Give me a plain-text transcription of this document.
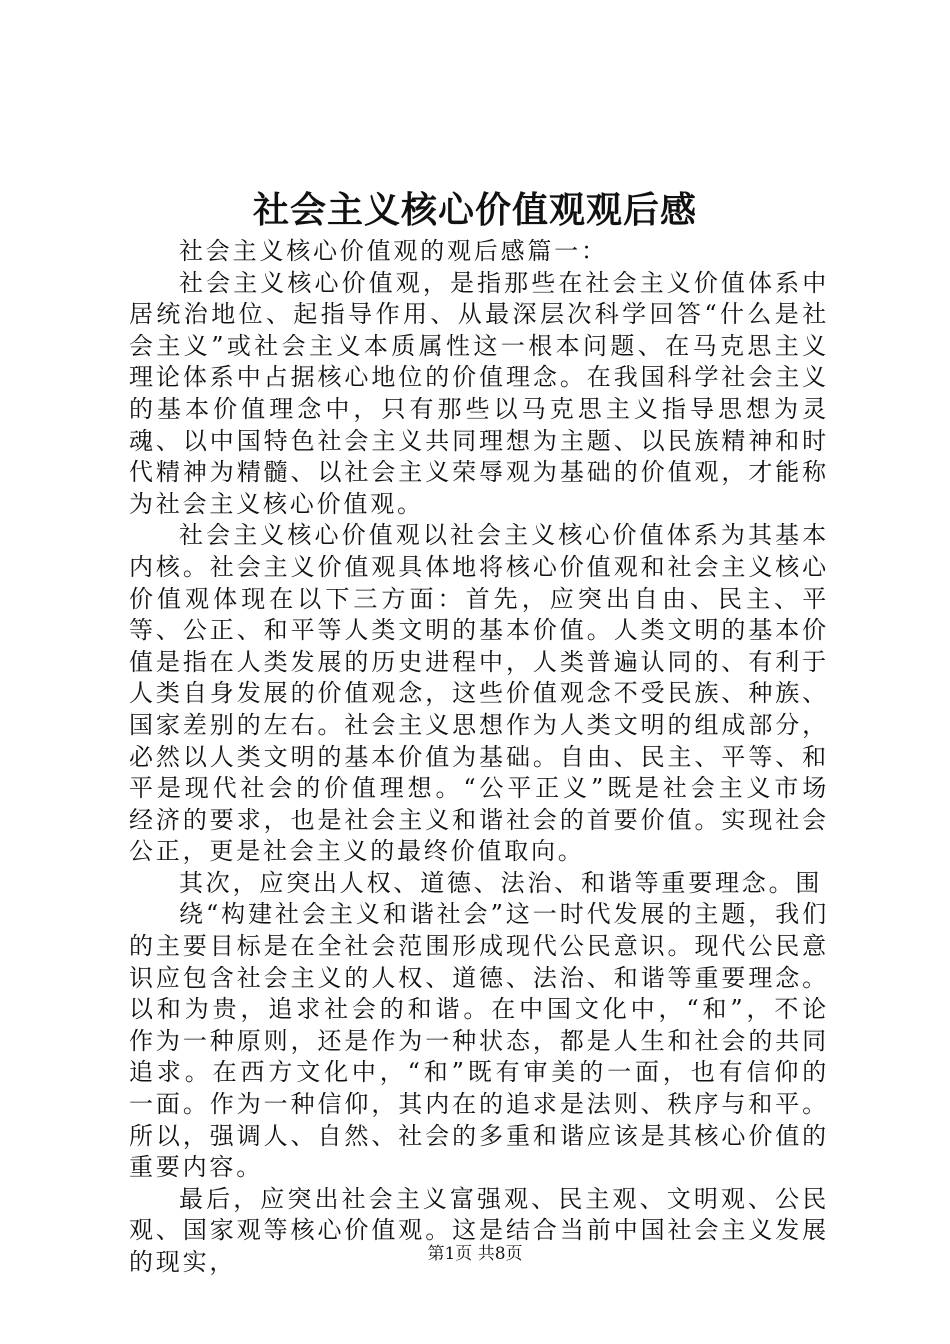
社会主义核心价值观观后感

社会主义核心价值观的观后感篇一：

社会主义核心价值观，是指那些在社会主义价值体系中居统治地位、起指导作用、从最深层次科学回答“什么是社会主义”或社会主义本质属性这一根本问题、在马克思主义理论体系中占据核心地位的价值理念。在我国科学社会主义的基本价值理念中，只有那些以马克思主义指导思想为灵魂、以中国特色社会主义共同理想为主题、以民族精神和时代精神为精髓、以社会主义荣辱观为基础的价值观，才能称为社会主义核心价值观。

社会主义核心价值观以社会主义核心价值体系为其基本内核。社会主义价值观具体地将核心价值观和社会主义核心价值观体现在以下三方面：首先，应突出自由、民主、平等、公正、和平等人类文明的基本价值。人类文明的基本价值是指在人类发展的历史进程中，人类普遍认同的、有利于人类自身发展的价值观念，这些价值观念不受民族、种族、国家差别的左右。社会主义思想作为人类文明的组成部分，必然以人类文明的基本价值为基础。自由、民主、平等、和平是现代社会的价值理想。“公平正义”既是社会主义市场经济的要求，也是社会主义和谐社会的首要价值。实现社会公正，更是社会主义的最终价值取向。

其次，应突出人权、道德、法治、和谐等重要理念。围

绕“构建社会主义和谐社会”这一时代发展的主题，我们的主要目标是在全社会范围形成现代公民意识。现代公民意识应包含社会主义的人权、道德、法治、和谐等重要理念。以和为贵，追求社会的和谐。在中国文化中，“和”，不论作为一种原则，还是作为一种状态，都是人生和社会的共同追求。在西方文化中，“和”既有审美的一面，也有信仰的一面。作为一种信仰，其内在的追求是法则、秩序与和平。所以，强调人、自然、社会的多重和谐应该是其核心价值的重要内容。

最后，应突出社会主义富强观、民主观、文明观、公民观、国家观等核心价值观。这是结合当前中国社会主义发展的现实，	第1页 共8页
